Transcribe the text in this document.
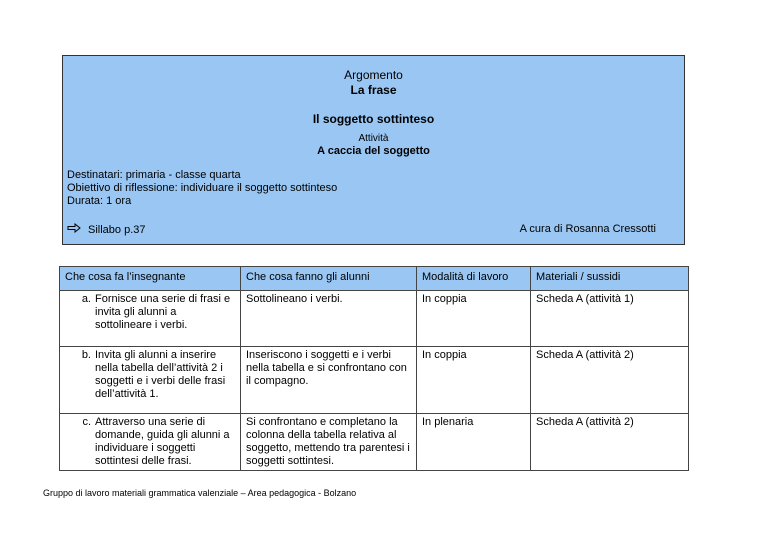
Argomento
La frase
Il soggetto sottinteso
Attività
A caccia del soggetto
Destinatari: primaria - classe quarta
Obiettivo di riflessione: individuare il soggetto sottinteso
Durata: 1 ora
Sillabo p.37	A cura di Rosanna Cressotti
Che cosa fa l’insegnante	Che cosa fanno gli alunni	Modalità di lavoro	Materiali / sussidi

a. Fornisce una serie di frasi e invita gli alunni a sottolineare i verbi.	Sottolineano i verbi.	In coppia	Scheda A (attività 1)

b. Invita gli alunni a inserire nella tabella dell’attività 2 i soggetti e i verbi delle frasi dell’attività 1.	Inseriscono i soggetti e i verbi nella tabella e si confrontano con il compagno.	In coppia	Scheda A (attività 2)

c. Attraverso una serie di domande, guida gli alunni a individuare i soggetti sottintesi delle frasi.	Si confrontano e completano la colonna della tabella relativa al soggetto, mettendo tra parentesi i soggetti sottintesi.	In plenaria	Scheda A (attività 2)
Gruppo di lavoro materiali grammatica valenziale – Area pedagogica - Bolzano
